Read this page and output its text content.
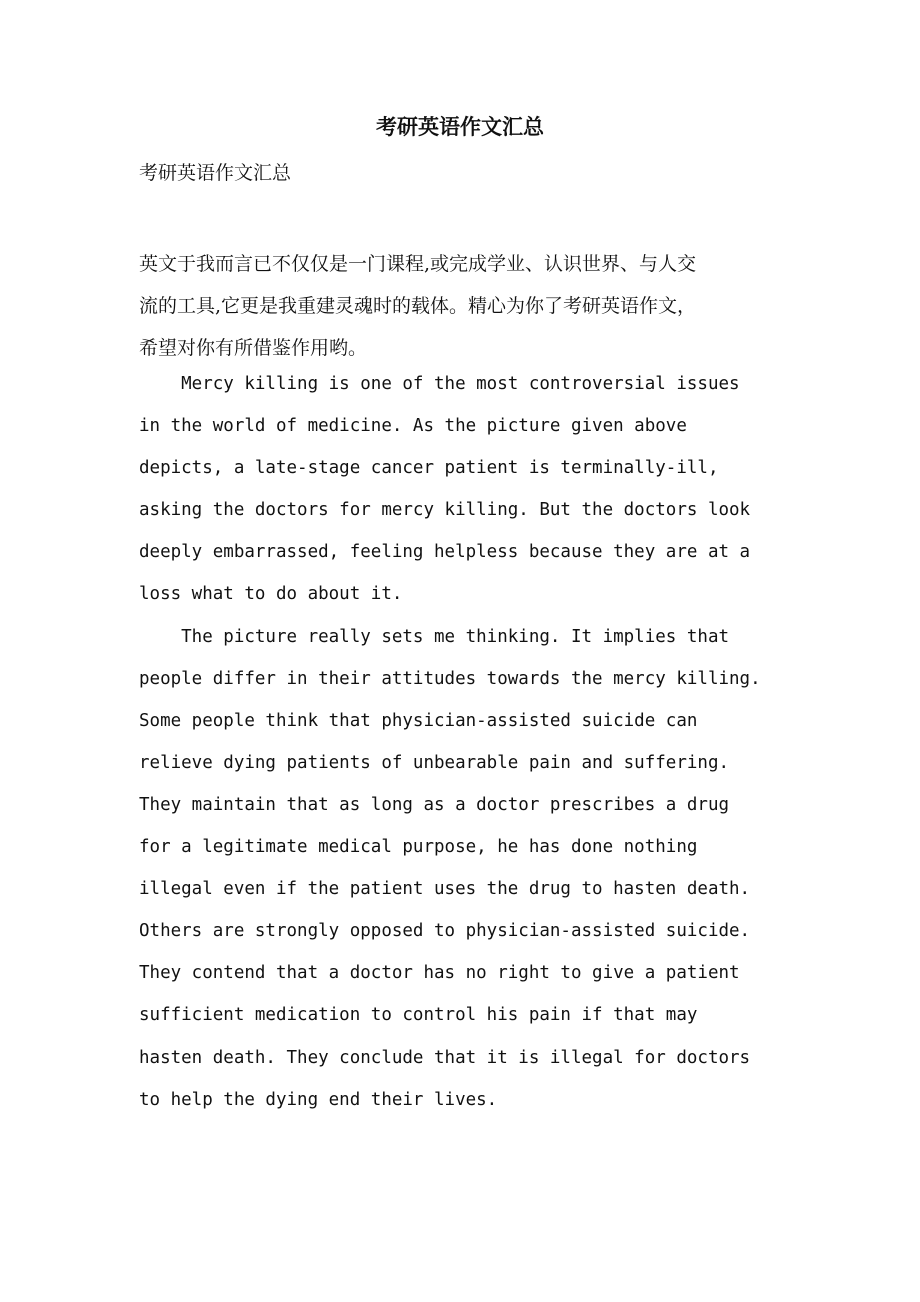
考研英语作文汇总

考研英语作文汇总

英文于我而言已不仅仅是一门课程,或完成学业、认识世界、与人交
流的工具,它更是我重建灵魂时的载体。精心为你了考研英语作文，
希望对你有所借鉴作用哟。

Mercy killing is one of the most controversial issues
in the world of medicine. As the picture given above
depicts, a late-stage cancer patient is terminally-ill,
asking the doctors for mercy killing. But the doctors look
deeply embarrassed, feeling helpless because they are at a
loss what to do about it.
The picture really sets me thinking. It implies that
people differ in their attitudes towards the mercy killing.
Some people think that physician-assisted suicide can
relieve dying patients of unbearable pain and suffering.
They maintain that as long as a doctor prescribes a drug
for a legitimate medical purpose, he has done nothing
illegal even if the patient uses the drug to hasten death.
Others are strongly opposed to physician-assisted suicide.
They contend that a doctor has no right to give a patient
sufficient medication to control his pain if that may
hasten death. They conclude that it is illegal for doctors
to help the dying end their lives.
